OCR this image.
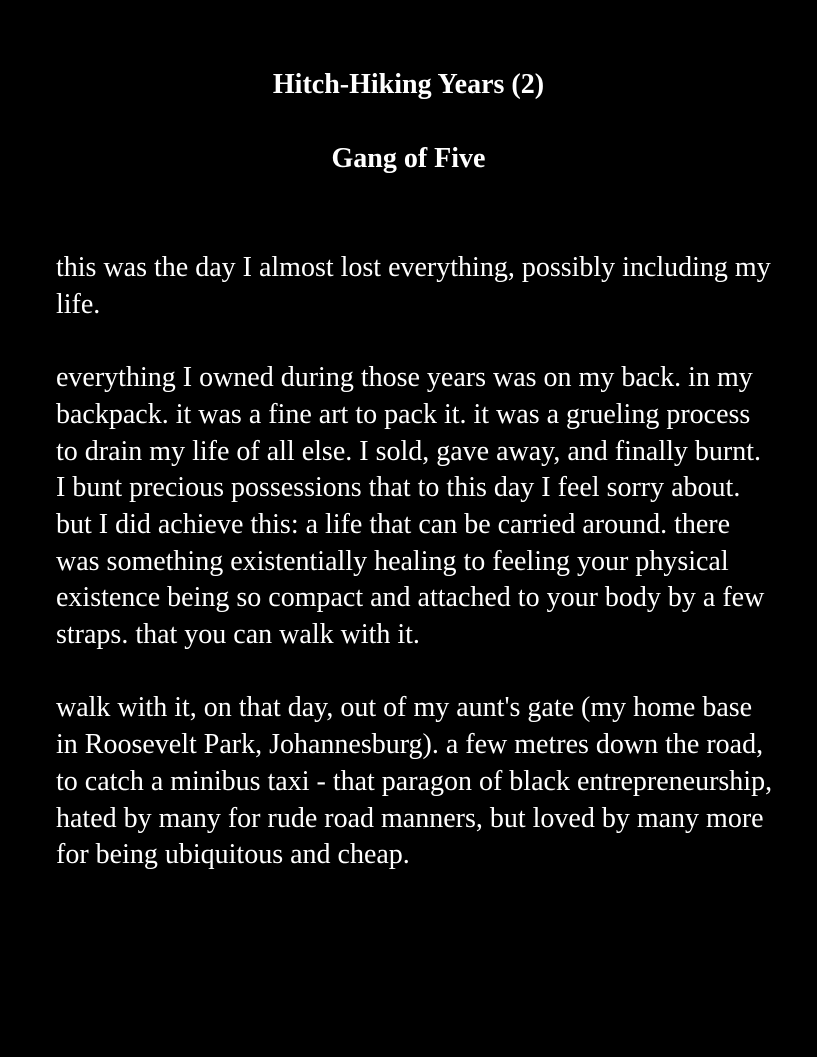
Hitch-Hiking Years (2)
Gang of Five

this was the day I almost lost everything, possibly including my life.

everything I owned during those years was on my back. in my backpack. it was a fine art to pack it. it was a grueling process to drain my life of all else. I sold, gave away, and finally burnt. I bunt precious possessions that to this day I feel sorry about. but I did achieve this: a life that can be carried around. there was something existentially healing to feeling your physical existence being so compact and attached to your body by a few straps. that you can walk with it.

walk with it, on that day, out of my aunt's gate (my home base in Roosevelt Park, Johannesburg). a few metres down the road, to catch a minibus taxi - that paragon of black entrepreneurship, hated by many for rude road manners, but loved by many more for being ubiquitous and cheap.
